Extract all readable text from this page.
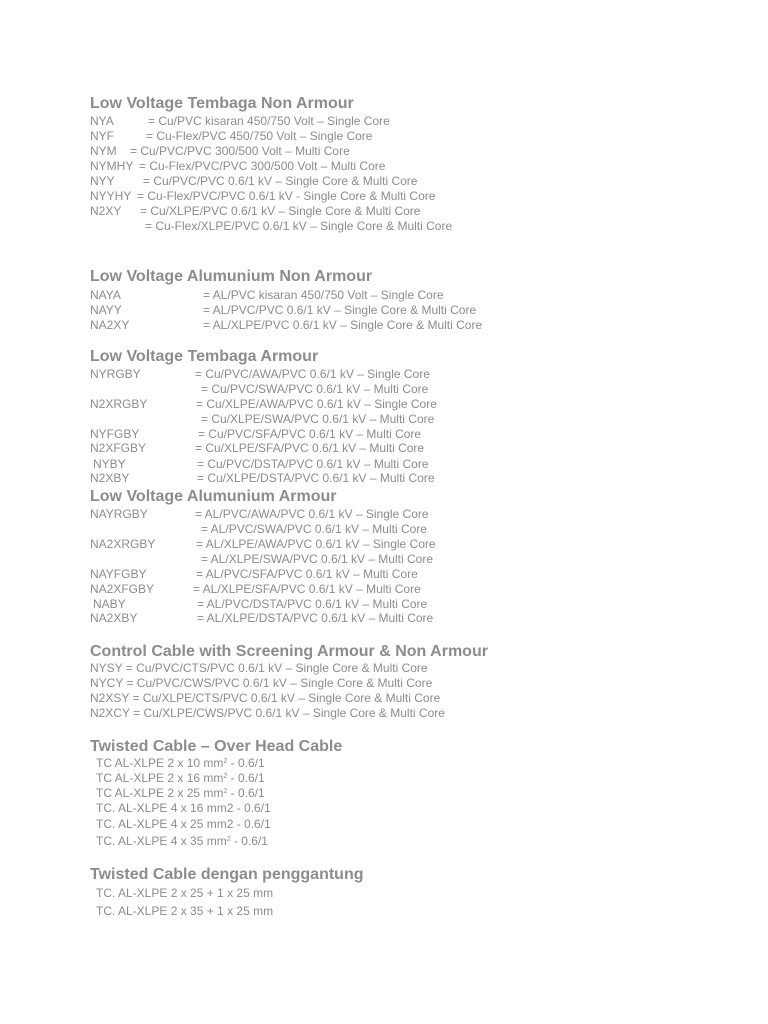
Low Voltage Tembaga Non Armour
NYA	= Cu/PVC kisaran 450/750 Volt – Single Core
NYF	= Cu-Flex/PVC 450/750 Volt – Single Core
NYM = Cu/PVC/PVC 300/500 Volt – Multi Core
NYMHY = Cu-Flex/PVC/PVC 300/500 Volt – Multi Core
NYY = Cu/PVC/PVC 0.6/1 kV – Single Core & Multi Core
NYYHY = Cu-Flex/PVC/PVC 0.6/1 kV - Single Core & Multi Core
N2XY = Cu/XLPE/PVC 0.6/1 kV – Single Core & Multi Core
= Cu-Flex/XLPE/PVC 0.6/1 kV – Single Core & Multi Core
Low Voltage Alumunium Non Armour
NAYA	= AL/PVC kisaran 450/750 Volt – Single Core
NAYY	= AL/PVC/PVC 0.6/1 kV – Single Core & Multi Core
NA2XY	= AL/XLPE/PVC 0.6/1 kV – Single Core & Multi Core
Low Voltage Tembaga Armour
NYRGBY	= Cu/PVC/AWA/PVC 0.6/1 kV – Single Core
= Cu/PVC/SWA/PVC 0.6/1 kV – Multi Core
N2XRGBY	= Cu/XLPE/AWA/PVC 0.6/1 kV – Single Core
= Cu/XLPE/SWA/PVC 0.6/1 kV – Multi Core
NYFGBY	= Cu/PVC/SFA/PVC 0.6/1 kV – Multi Core
N2XFGBY	= Cu/XLPE/SFA/PVC 0.6/1 kV – Multi Core
NYBY	= Cu/PVC/DSTA/PVC 0.6/1 kV – Multi Core
N2XBY	= Cu/XLPE/DSTA/PVC 0.6/1 kV – Multi Core
Low Voltage Alumunium Armour
NAYRGBY	= AL/PVC/AWA/PVC 0.6/1 kV – Single Core
= AL/PVC/SWA/PVC 0.6/1 kV – Multi Core
NA2XRGBY	= AL/XLPE/AWA/PVC 0.6/1 kV – Single Core
= AL/XLPE/SWA/PVC 0.6/1 kV – Multi Core
NAYFGBY	= AL/PVC/SFA/PVC 0.6/1 kV – Multi Core
NA2XFGBY	= AL/XLPE/SFA/PVC 0.6/1 kV – Multi Core
NABY	= AL/PVC/DSTA/PVC 0.6/1 kV – Multi Core
NA2XBY	= AL/XLPE/DSTA/PVC 0.6/1 kV – Multi Core
Control Cable with Screening Armour & Non Armour
NYSY = Cu/PVC/CTS/PVC 0.6/1 kV – Single Core & Multi Core
NYCY = Cu/PVC/CWS/PVC 0.6/1 kV – Single Core & Multi Core
N2XSY = Cu/XLPE/CTS/PVC 0.6/1 kV – Single Core & Multi Core
N2XCY = Cu/XLPE/CWS/PVC 0.6/1 kV – Single Core & Multi Core
Twisted Cable – Over Head Cable
TC AL-XLPE 2 x 10 $mm^2 - 0.6/1$
TC AL-XLPE 2 x 16 $mm^2 - 0.6/1$
TC AL-XLPE 2 x 25 $mm^2 - 0.6/1$
TC. AL-XLPE 4 x 16 mm2 - 0.6/1
TC. AL-XLPE 4 x 25 mm2 - 0.6/1
TC. AL-XLPE 4 x 35 $mm^2 - 0.6/1$
Twisted Cable dengan penggantung
TC. AL-XLPE 2 x 25 + 1 x 25 mm
TC. AL-XLPE 2 x 35 + 1 x 25 mm
